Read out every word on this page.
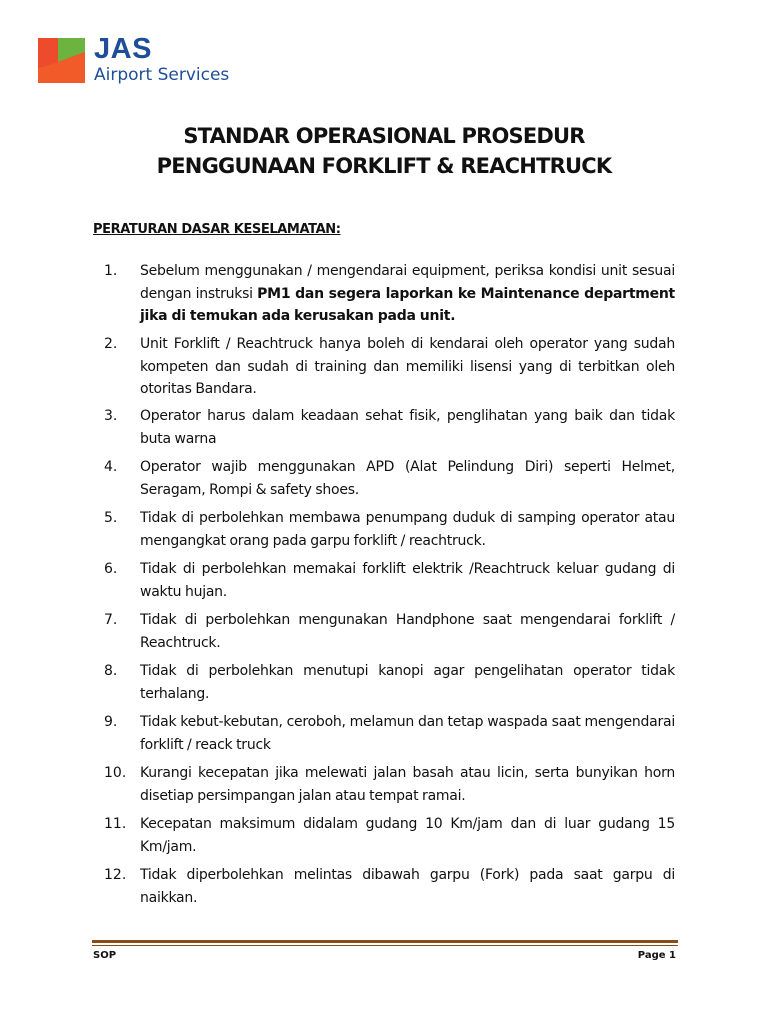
JAS
Airport Services
STANDAR OPERASIONAL PROSEDUR
PENGGUNAAN FORKLIFT & REACHTRUCK
PERATURAN DASAR KESELAMATAN:
1.	Sebelum menggunakan / mengendarai equipment, periksa kondisi unit sesuai dengan instruksi PM1 dan segera laporkan ke Maintenance department jika di temukan ada kerusakan pada unit.
2.	Unit Forklift / Reachtruck hanya boleh di kendarai oleh operator yang sudah kompeten dan sudah di training dan memiliki lisensi yang di terbitkan oleh otoritas Bandara.
3.	Operator harus dalam keadaan sehat fisik, penglihatan yang baik dan tidak buta warna
4.	Operator wajib menggunakan APD (Alat Pelindung Diri) seperti Helmet, Seragam, Rompi & safety shoes.
5.	Tidak di perbolehkan membawa penumpang duduk di samping operator atau mengangkat orang pada garpu forklift / reachtruck.
6.	Tidak di perbolehkan memakai forklift elektrik /Reachtruck keluar gudang di waktu hujan.
7.	Tidak di perbolehkan mengunakan Handphone saat mengendarai forklift / Reachtruck.
8.	Tidak di perbolehkan menutupi kanopi agar pengelihatan operator tidak terhalang.
9.	Tidak kebut-kebutan, ceroboh, melamun dan tetap waspada saat mengendarai forklift / reack truck
10. Kurangi kecepatan jika melewati jalan basah atau licin, serta bunyikan horn disetiap persimpangan jalan atau tempat ramai.
11. Kecepatan maksimum didalam gudang 10 Km/jam dan di luar gudang 15 Km/jam.
12. Tidak diperbolehkan melintas dibawah garpu (Fork) pada saat garpu di naikkan.
SOP	Page 1
